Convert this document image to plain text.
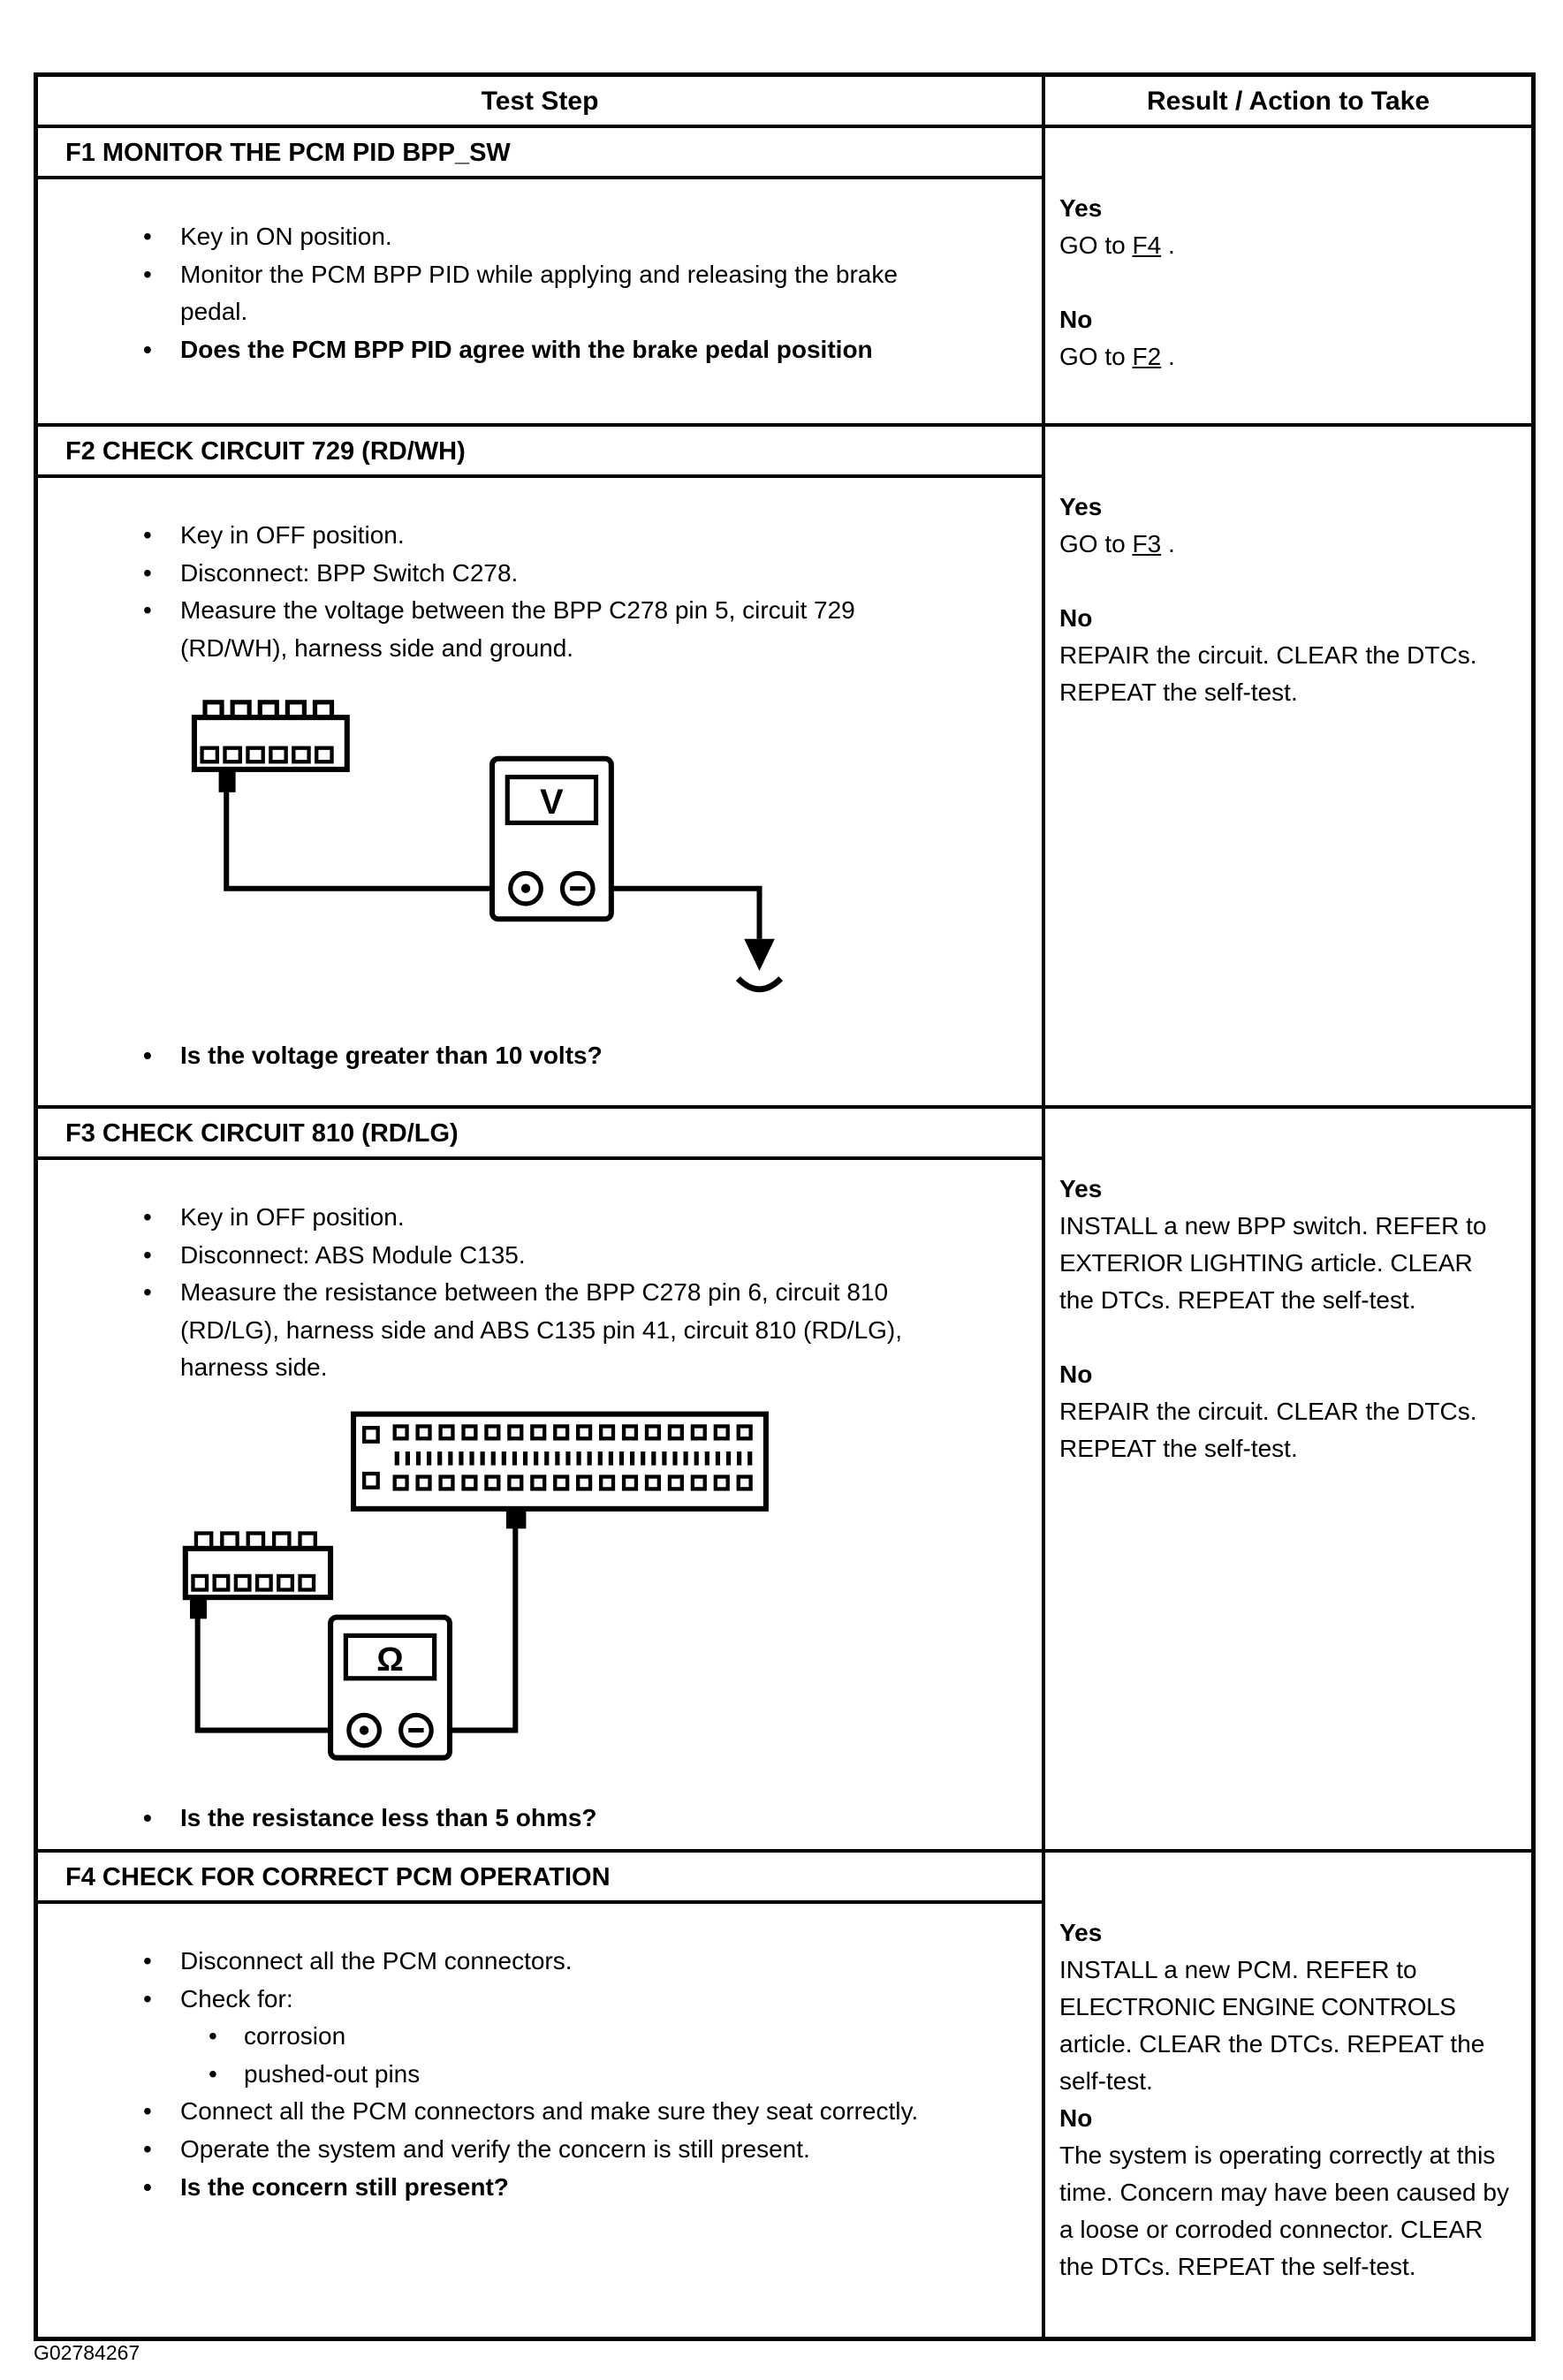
Test Step	Result / Action to Take
F1 MONITOR THE PCM PID BPP_SW
• Key in ON position.
• Monitor the PCM BPP PID while applying and releasing the brake pedal.
• Does the PCM BPP PID agree with the brake pedal position
Yes
GO to F4 .
No
GO to F2 .
F2 CHECK CIRCUIT 729 (RD/WH)
• Key in OFF position.
• Disconnect: BPP Switch C278.
• Measure the voltage between the BPP C278 pin 5, circuit 729 (RD/WH), harness side and ground.
V
• Is the voltage greater than 10 volts?
Yes
GO to F3 .
No
REPAIR the circuit. CLEAR the DTCs. REPEAT the self-test.
F3 CHECK CIRCUIT 810 (RD/LG)
• Key in OFF position.
• Disconnect: ABS Module C135.
• Measure the resistance between the BPP C278 pin 6, circuit 810 (RD/LG), harness side and ABS C135 pin 41, circuit 810 (RD/LG), harness side.
Ω
• Is the resistance less than 5 ohms?
Yes
INSTALL a new BPP switch. REFER to EXTERIOR LIGHTING article. CLEAR the DTCs. REPEAT the self-test.
No
REPAIR the circuit. CLEAR the DTCs. REPEAT the self-test.
F4 CHECK FOR CORRECT PCM OPERATION
• Disconnect all the PCM connectors.
• Check for:
• corrosion
• pushed-out pins
• Connect all the PCM connectors and make sure they seat correctly.
• Operate the system and verify the concern is still present.
• Is the concern still present?
Yes
INSTALL a new PCM. REFER to ELECTRONIC ENGINE CONTROLS article. CLEAR the DTCs. REPEAT the self-test.
No
The system is operating correctly at this time. Concern may have been caused by a loose or corroded connector. CLEAR the DTCs. REPEAT the self-test.
G02784267
